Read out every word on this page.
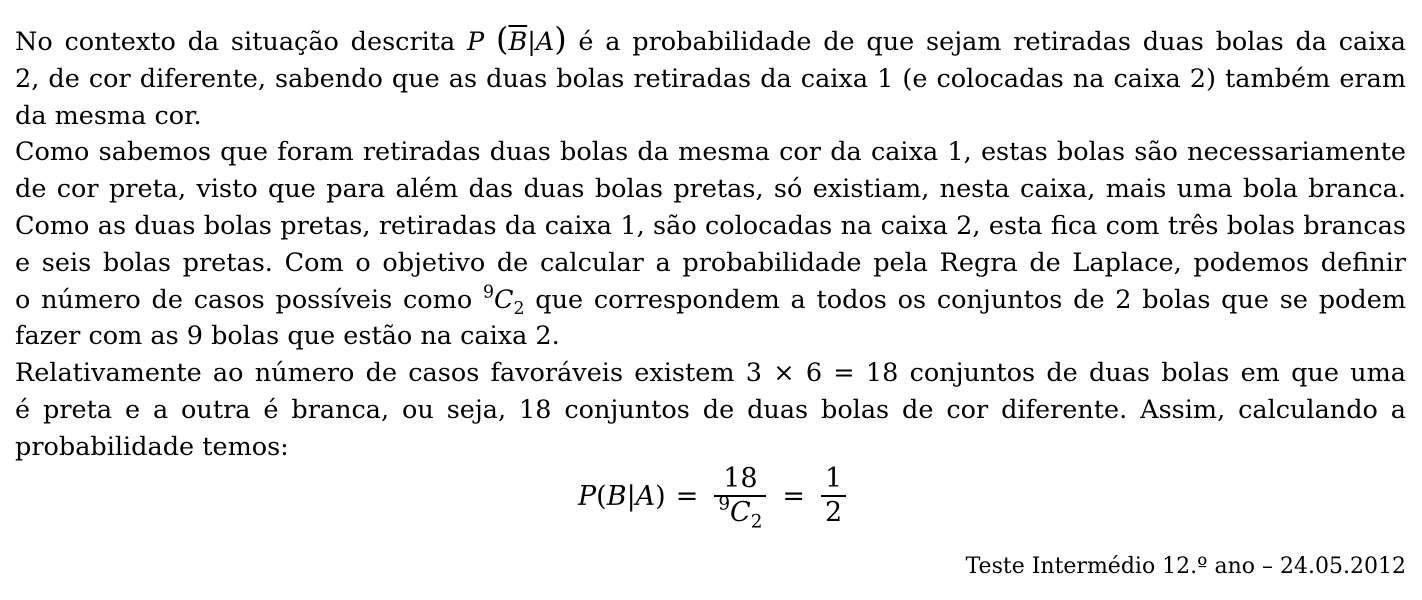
No contexto da situação descrita P $(\overline{B}|A)$ é a probabilidade de que sejam retiradas duas bolas da caixa
2, de cor diferente, sabendo que as duas bolas retiradas da caixa 1 (e colocadas na caixa 2) também eram
da mesma cor.

Como sabemos que foram retiradas duas bolas da mesma cor da caixa 1, estas bolas são necessariamente
de cor preta, visto que para além das duas bolas pretas, só existiam, nesta caixa, mais uma bola branca.
Como as duas bolas pretas, retiradas da caixa 1, são colocadas na caixa 2, esta fica com três bolas brancas
e seis bolas pretas. Com o objetivo de calcular a probabilidade pela Regra de Laplace, podemos definir
o número de casos possíveis como $^9C_2$ que correspondem a todos os conjuntos de 2 bolas que se podem
fazer com as 9 bolas que estão na caixa 2.

Relativamente ao número de casos favoráveis existem 3 × 6 = 18 conjuntos de duas bolas em que uma
é preta e a outra é branca, ou seja, 18 conjuntos de duas bolas de cor diferente. Assim, calculando a
probabilidade temos:

$P(B|A) = \frac{18}{^9C_2} = \frac{1}{2}$
Teste Intermédio 12.º ano – 24.05.2012
